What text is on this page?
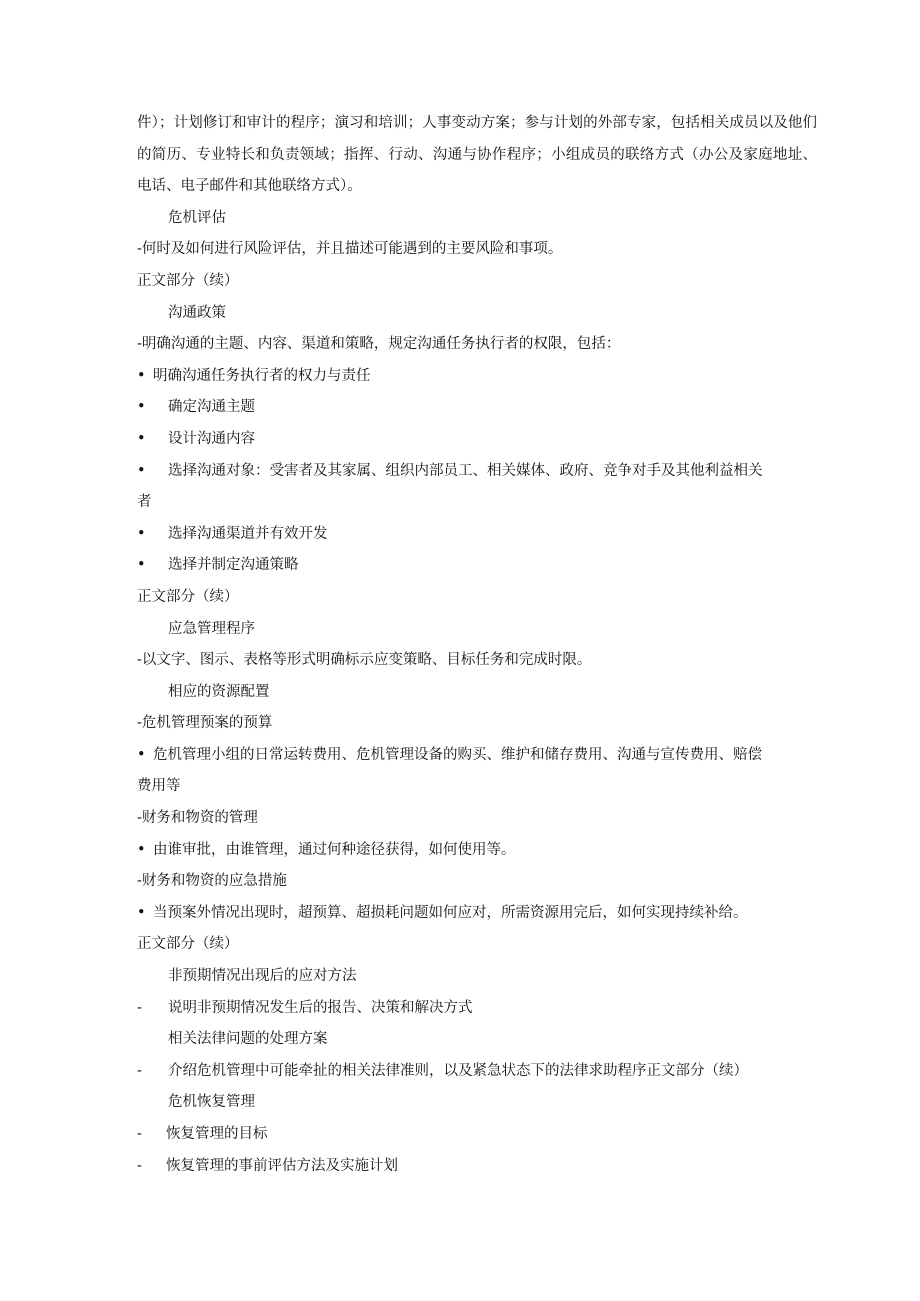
件）；计划修订和审计的程序；演习和培训；人事变动方案；参与计划的外部专家，包括相关成员以及他们的简历、专业特长和负责领域；指挥、行动、沟通与协作程序；小组成员的联络方式（办公及家庭地址、电话、电子邮件和其他联络方式）。

危机评估

-何时及如何进行风险评估，并且描述可能遇到的主要风险和事项。

正文部分（续）

沟通政策

-明确沟通的主题、内容、渠道和策略，规定沟通任务执行者的权限，包括：

• 明确沟通任务执行者的权力与责任

• 确定沟通主题

• 设计沟通内容

• 选择沟通对象：受害者及其家属、组织内部员工、相关媒体、政府、竞争对手及其他利益相关

者

• 选择沟通渠道并有效开发

• 选择并制定沟通策略

正文部分（续）

应急管理程序

-以文字、图示、表格等形式明确标示应变策略、目标任务和完成时限。

相应的资源配置

-危机管理预案的预算

• 危机管理小组的日常运转费用、危机管理设备的购买、维护和储存费用、沟通与宣传费用、赔偿

费用等

-财务和物资的管理

• 由谁审批，由谁管理，通过何种途径获得，如何使用等。

-财务和物资的应急措施

• 当预案外情况出现时，超预算、超损耗问题如何应对，所需资源用完后，如何实现持续补给。

正文部分（续）

非预期情况出现后的应对方法

- 说明非预期情况发生后的报告、决策和解决方式

相关法律问题的处理方案

- 介绍危机管理中可能牵扯的相关法律准则，以及紧急状态下的法律求助程序正文部分（续）

危机恢复管理

- 恢复管理的目标

- 恢复管理的事前评估方法及实施计划
